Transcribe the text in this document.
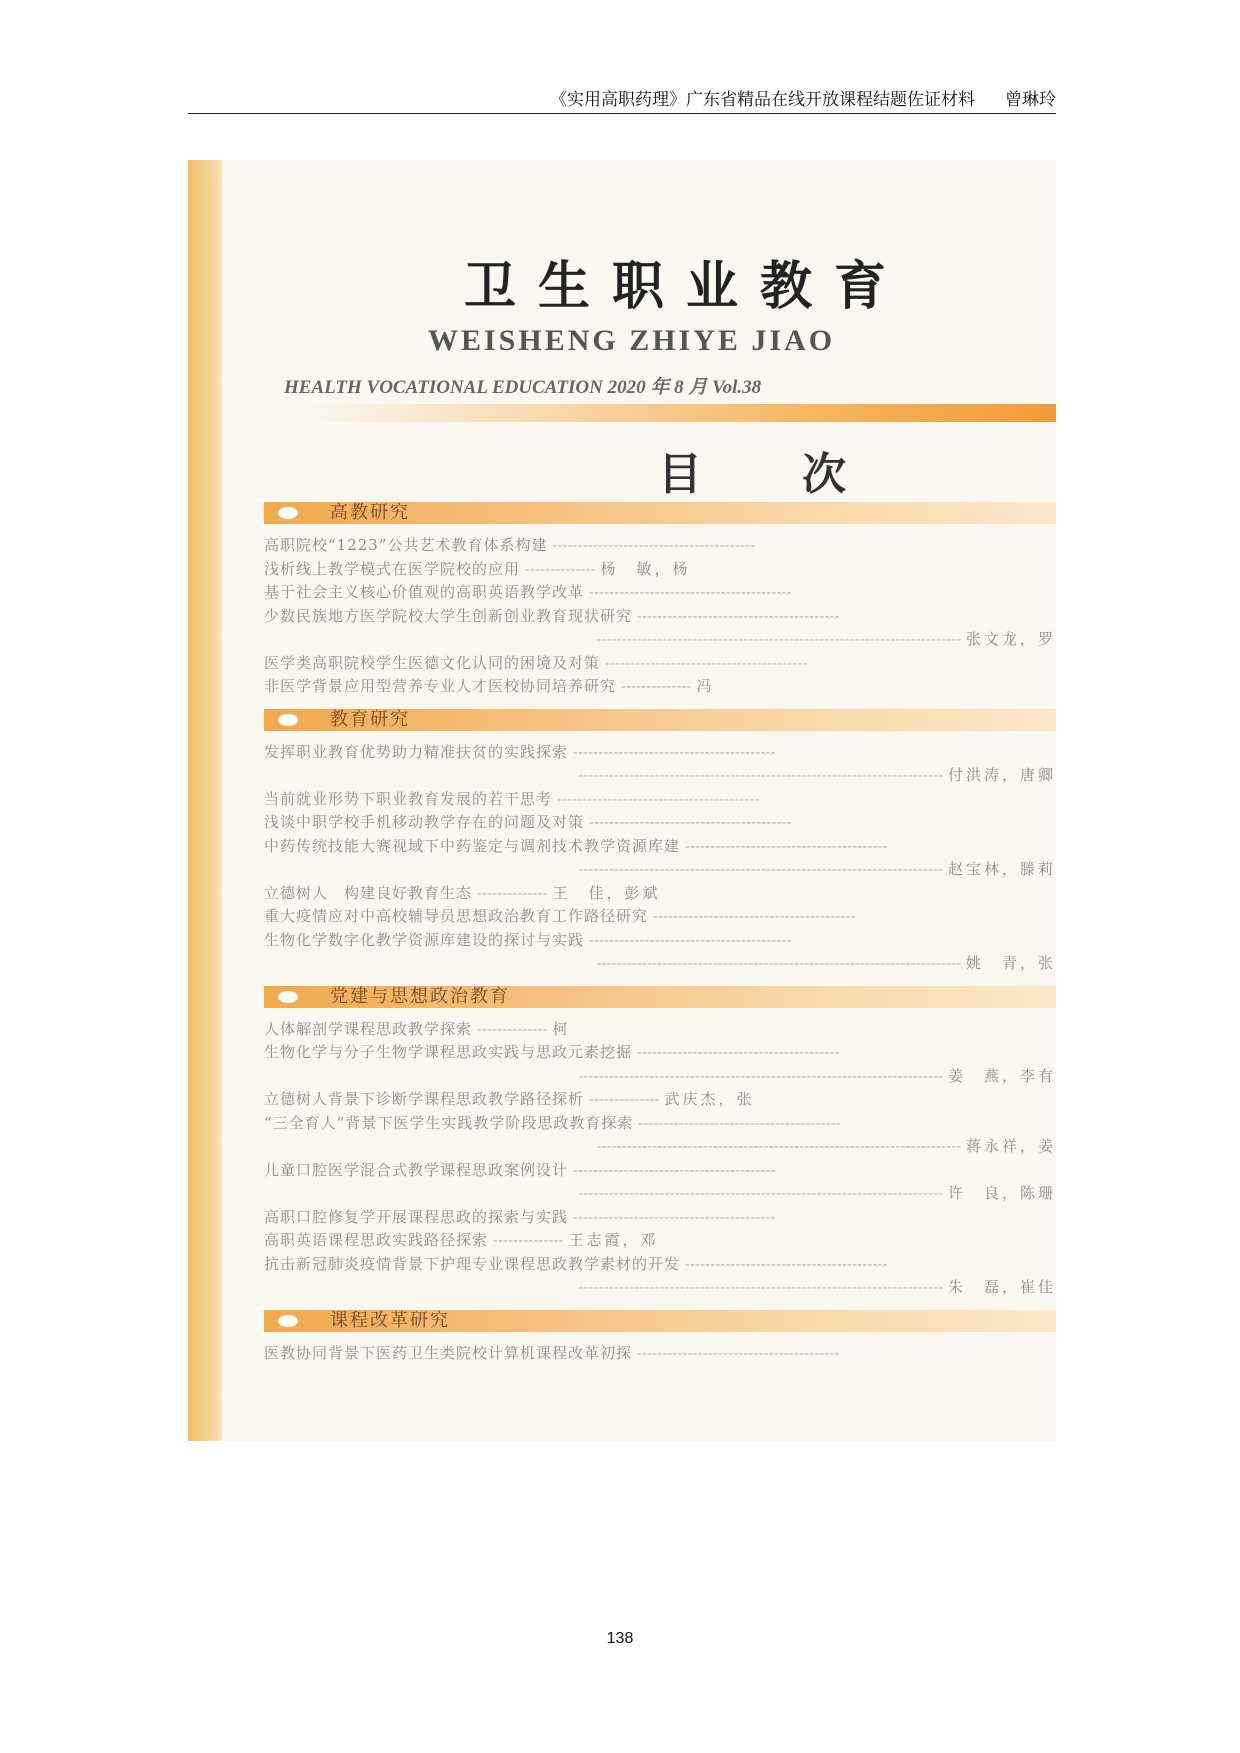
《实用高职药理》广东省精品在线开放课程结题佐证材料 曾琳玲
卫生职业教育
WEISHENG ZHIYE JIAO
HEALTH VOCATIONAL EDUCATION 2020 年 8 月 Vol.38
目次
高教研究
高职院校“1223”公共艺术教育体系构建 ----------------------------------------
浅析线上教学模式在医学院校的应用 -------------- 杨　敏，杨
基于社会主义核心价值观的高职英语教学改革 ----------------------------------------
少数民族地方医学院校大学生创新创业教育现状研究 ----------------------------------------
------------------------------------------------------------------------ 张文龙，罗
医学类高职院校学生医德文化认同的困境及对策 ----------------------------------------
非医学背景应用型营养专业人才医校协同培养研究 -------------- 冯
教育研究
发挥职业教育优势助力精准扶贫的实践探索 ----------------------------------------
------------------------------------------------------------------------ 付洪涛，唐卿
当前就业形势下职业教育发展的若干思考 ----------------------------------------
浅谈中职学校手机移动教学存在的问题及对策 ----------------------------------------
中药传统技能大赛视域下中药鉴定与调剂技术教学资源库建 ----------------------------------------
------------------------------------------------------------------------ 赵宝林，滕莉
立德树人　构建良好教育生态 -------------- 王　佳，彭斌
重大疫情应对中高校辅导员思想政治教育工作路径研究 ----------------------------------------
生物化学数字化教学资源库建设的探讨与实践 ----------------------------------------
------------------------------------------------------------------------ 姚　青，张
党建与思想政治教育
人体解剖学课程思政教学探索 -------------- 柯
生物化学与分子生物学课程思政实践与思政元素挖掘 ----------------------------------------
------------------------------------------------------------------------ 姜　燕，李有
立德树人背景下诊断学课程思政教学路径探析 -------------- 武庆杰，张
“三全育人”背景下医学生实践教学阶段思政教育探索 ----------------------------------------
------------------------------------------------------------------------ 蒋永祥，姜
儿童口腔医学混合式教学课程思政案例设计 ----------------------------------------
------------------------------------------------------------------------ 许　良，陈珊
高职口腔修复学开展课程思政的探索与实践 ----------------------------------------
高职英语课程思政实践路径探索 -------------- 王志霞，邓
抗击新冠肺炎疫情背景下护理专业课程思政教学素材的开发 ----------------------------------------
------------------------------------------------------------------------ 朱　磊，崔佳
课程改革研究
医教协同背景下医药卫生类院校计算机课程改革初探 ----------------------------------------
138
